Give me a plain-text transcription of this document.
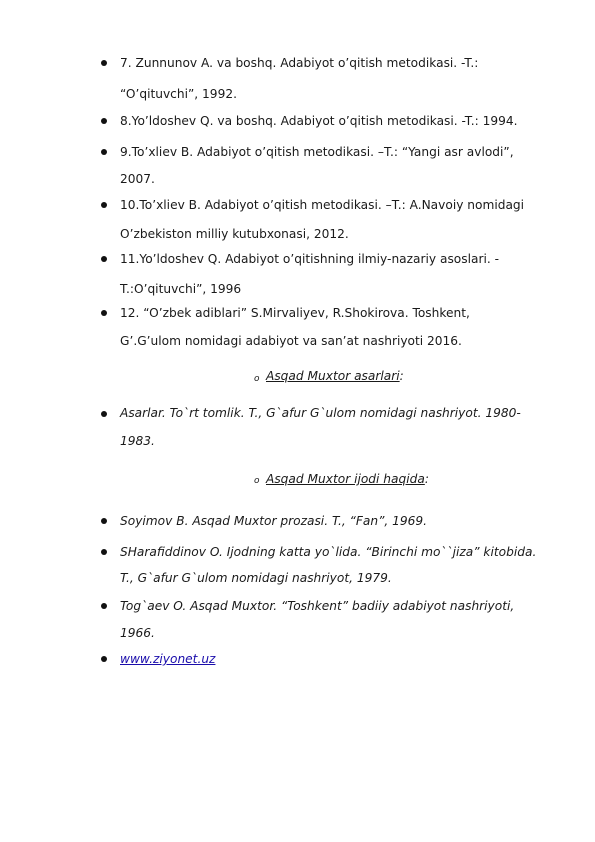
7. Zunnunov A. va boshq. Adabiyot o’qitish metodikasi. -T.:
“O’qituvchi”, 1992.
8.Yo’ldoshev Q. va boshq. Adabiyot o’qitish metodikasi. -T.: 1994.
9.To’xliev B. Adabiyot o’qitish metodikasi. –T.: “Yangi asr avlodi”,
2007.
10.To’xliev B. Adabiyot o’qitish metodikasi. –T.: A.Navoiy nomidagi
O’zbekiston milliy kutubxonasi, 2012.
11.Yo’ldoshev Q. Adabiyot o’qitishning ilmiy-nazariy asoslari. -
T.:O’qituvchi”, 1996
12. “O’zbek adiblari” S.Mirvaliyev, R.Shokirova. Toshkent,
G’.G’ulom nomidagi adabiyot va san’at nashriyoti 2016.
o Asqad Muxtor asarlari:
Asarlar. To`rt tomlik. T., G`afur G`ulom nomidagi nashriyot. 1980-
1983.
o Asqad Muxtor ijodi haqida:
Soyimov B. Asqad Muxtor prozasi. T., “Fan”, 1969.
SHarafiddinov O. Ijodning katta yo`lida. “Birinchi mo``jiza” kitobida.
T., G`afur G`ulom nomidagi nashriyot, 1979.
Tog`aev O. Asqad Muxtor. “Toshkent” badiiy adabiyot nashriyoti,
1966.
www.ziyonet.uz
